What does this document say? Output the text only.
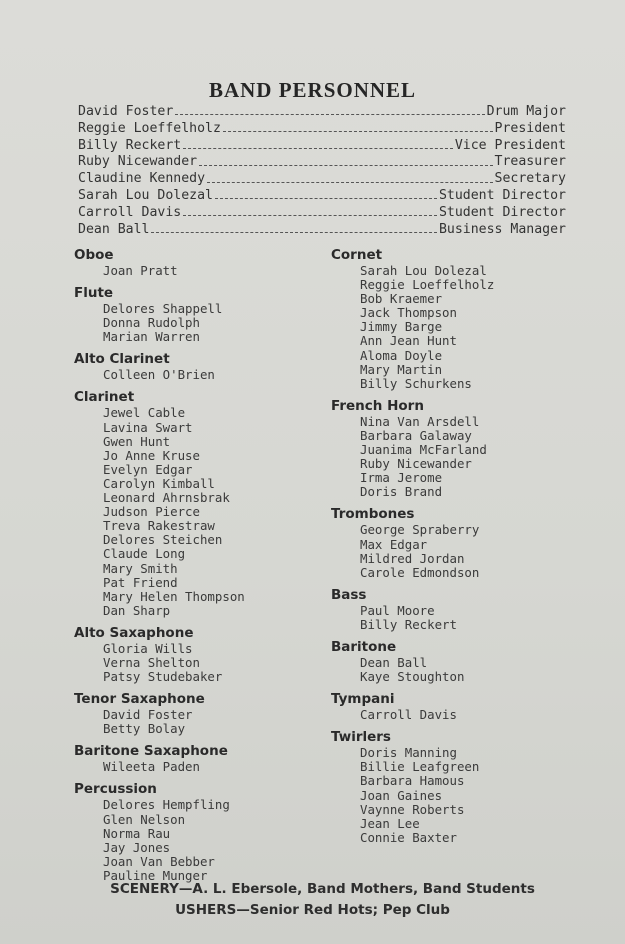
BAND PERSONNEL
David Foster	Drum Major
Reggie Loeffelholz	President
Billy Reckert	Vice President
Ruby Nicewander	Treasurer
Claudine Kennedy	Secretary
Sarah Lou Dolezal	Student Director
Carroll Davis	Student Director
Dean Ball	Business Manager
Oboe
Joan Pratt
Flute
Delores Shappell
Donna Rudolph
Marian Warren
Alto Clarinet
Colleen O'Brien
Clarinet
Jewel Cable
Lavina Swart
Gwen Hunt
Jo Anne Kruse
Evelyn Edgar
Carolyn Kimball
Leonard Ahrnsbrak
Judson Pierce
Treva Rakestraw
Delores Steichen
Claude Long
Mary Smith
Pat Friend
Mary Helen Thompson
Dan Sharp
Alto Saxaphone
Gloria Wills
Verna Shelton
Patsy Studebaker
Tenor Saxaphone
David Foster
Betty Bolay
Baritone Saxaphone
Wileeta Paden
Percussion
Delores Hempfling
Glen Nelson
Norma Rau
Jay Jones
Joan Van Bebber
Pauline Munger
Cornet
Sarah Lou Dolezal
Reggie Loeffelholz
Bob Kraemer
Jack Thompson
Jimmy Barge
Ann Jean Hunt
Aloma Doyle
Mary Martin
Billy Schurkens
French Horn
Nina Van Arsdell
Barbara Galaway
Juanima McFarland
Ruby Nicewander
Irma Jerome
Doris Brand
Trombones
George Spraberry
Max Edgar
Mildred Jordan
Carole Edmondson
Bass
Paul Moore
Billy Reckert
Baritone
Dean Ball
Kaye Stoughton
Tympani
Carroll Davis
Twirlers
Doris Manning
Billie Leafgreen
Barbara Hamous
Joan Gaines
Vaynne Roberts
Jean Lee
Connie Baxter
SCENERY—A. L. Ebersole, Band Mothers, Band Students
USHERS—Senior Red Hots; Pep Club
